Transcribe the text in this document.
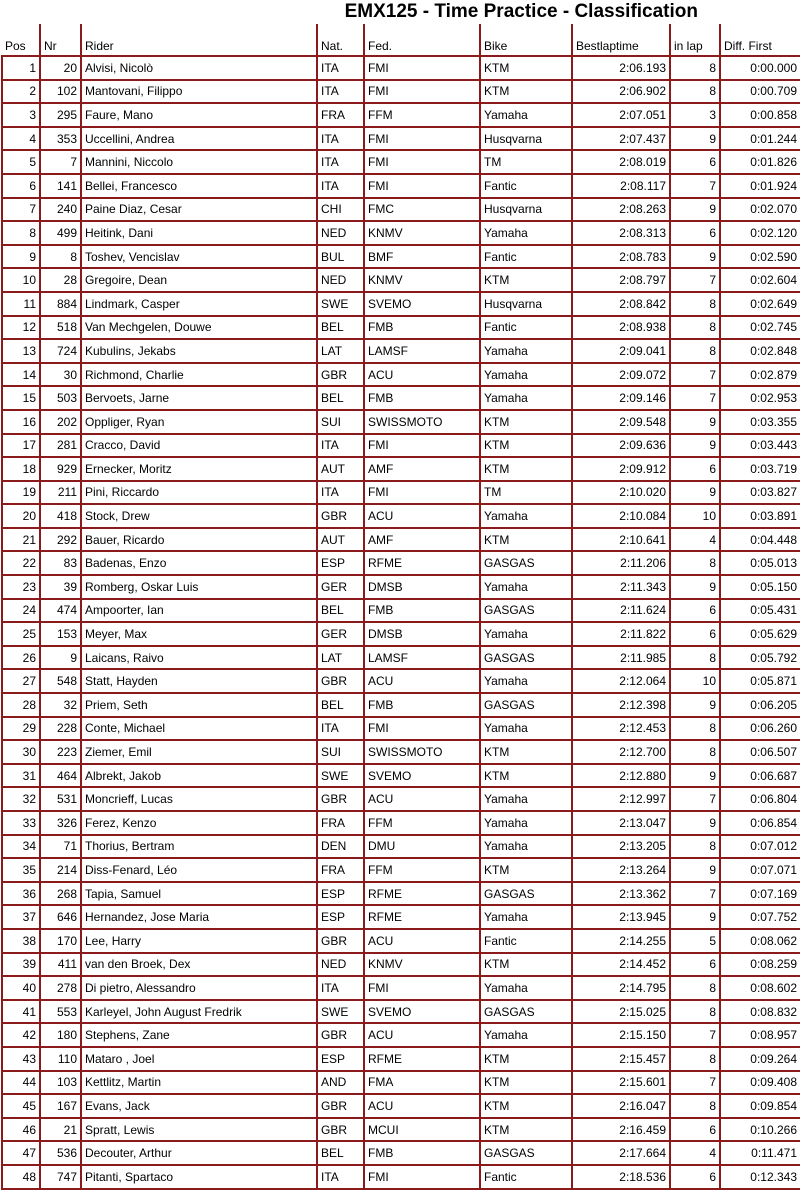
EMX125 - Time Practice - Classification
Pos	Nr	Rider	Nat.	Fed.	Bike	Bestlaptime	in lap	Diff. First
1	20	Alvisi, Nicolò	ITA	FMI	KTM	2:06.193	8	0:00.000
2	102	Mantovani, Filippo	ITA	FMI	KTM	2:06.902	8	0:00.709
3	295	Faure, Mano	FRA	FFM	Yamaha	2:07.051	3	0:00.858
4	353	Uccellini, Andrea	ITA	FMI	Husqvarna	2:07.437	9	0:01.244
5	7	Mannini, Niccolo	ITA	FMI	TM	2:08.019	6	0:01.826
6	141	Bellei, Francesco	ITA	FMI	Fantic	2:08.117	7	0:01.924
7	240	Paine Diaz, Cesar	CHI	FMC	Husqvarna	2:08.263	9	0:02.070
8	499	Heitink, Dani	NED	KNMV	Yamaha	2:08.313	6	0:02.120
9	8	Toshev, Vencislav	BUL	BMF	Fantic	2:08.783	9	0:02.590
10	28	Gregoire, Dean	NED	KNMV	KTM	2:08.797	7	0:02.604
11	884	Lindmark, Casper	SWE	SVEMO	Husqvarna	2:08.842	8	0:02.649
12	518	Van Mechgelen, Douwe	BEL	FMB	Fantic	2:08.938	8	0:02.745
13	724	Kubulins, Jekabs	LAT	LAMSF	Yamaha	2:09.041	8	0:02.848
14	30	Richmond, Charlie	GBR	ACU	Yamaha	2:09.072	7	0:02.879
15	503	Bervoets, Jarne	BEL	FMB	Yamaha	2:09.146	7	0:02.953
16	202	Oppliger, Ryan	SUI	SWISSMOTO	KTM	2:09.548	9	0:03.355
17	281	Cracco, David	ITA	FMI	KTM	2:09.636	9	0:03.443
18	929	Ernecker, Moritz	AUT	AMF	KTM	2:09.912	6	0:03.719
19	211	Pini, Riccardo	ITA	FMI	TM	2:10.020	9	0:03.827
20	418	Stock, Drew	GBR	ACU	Yamaha	2:10.084	10	0:03.891
21	292	Bauer, Ricardo	AUT	AMF	KTM	2:10.641	4	0:04.448
22	83	Badenas, Enzo	ESP	RFME	GASGAS	2:11.206	8	0:05.013
23	39	Romberg, Oskar Luis	GER	DMSB	Yamaha	2:11.343	9	0:05.150
24	474	Ampoorter, Ian	BEL	FMB	GASGAS	2:11.624	6	0:05.431
25	153	Meyer, Max	GER	DMSB	Yamaha	2:11.822	6	0:05.629
26	9	Laicans, Raivo	LAT	LAMSF	GASGAS	2:11.985	8	0:05.792
27	548	Statt, Hayden	GBR	ACU	Yamaha	2:12.064	10	0:05.871
28	32	Priem, Seth	BEL	FMB	GASGAS	2:12.398	9	0:06.205
29	228	Conte, Michael	ITA	FMI	Yamaha	2:12.453	8	0:06.260
30	223	Ziemer, Emil	SUI	SWISSMOTO	KTM	2:12.700	8	0:06.507
31	464	Albrekt, Jakob	SWE	SVEMO	KTM	2:12.880	9	0:06.687
32	531	Moncrieff, Lucas	GBR	ACU	Yamaha	2:12.997	7	0:06.804
33	326	Ferez, Kenzo	FRA	FFM	Yamaha	2:13.047	9	0:06.854
34	71	Thorius, Bertram	DEN	DMU	Yamaha	2:13.205	8	0:07.012
35	214	Diss-Fenard, Léo	FRA	FFM	KTM	2:13.264	9	0:07.071
36	268	Tapia, Samuel	ESP	RFME	GASGAS	2:13.362	7	0:07.169
37	646	Hernandez, Jose Maria	ESP	RFME	Yamaha	2:13.945	9	0:07.752
38	170	Lee, Harry	GBR	ACU	Fantic	2:14.255	5	0:08.062
39	411	van den Broek, Dex	NED	KNMV	KTM	2:14.452	6	0:08.259
40	278	Di pietro, Alessandro	ITA	FMI	Yamaha	2:14.795	8	0:08.602
41	553	Karleyel, John August Fredrik	SWE	SVEMO	GASGAS	2:15.025	8	0:08.832
42	180	Stephens, Zane	GBR	ACU	Yamaha	2:15.150	7	0:08.957
43	110	Mataro , Joel	ESP	RFME	KTM	2:15.457	8	0:09.264
44	103	Kettlitz, Martin	AND	FMA	KTM	2:15.601	7	0:09.408
45	167	Evans, Jack	GBR	ACU	KTM	2:16.047	8	0:09.854
46	21	Spratt, Lewis	GBR	MCUI	KTM	2:16.459	6	0:10.266
47	536	Decouter, Arthur	BEL	FMB	GASGAS	2:17.664	4	0:11.471
48	747	Pitanti, Spartaco	ITA	FMI	Fantic	2:18.536	6	0:12.343
